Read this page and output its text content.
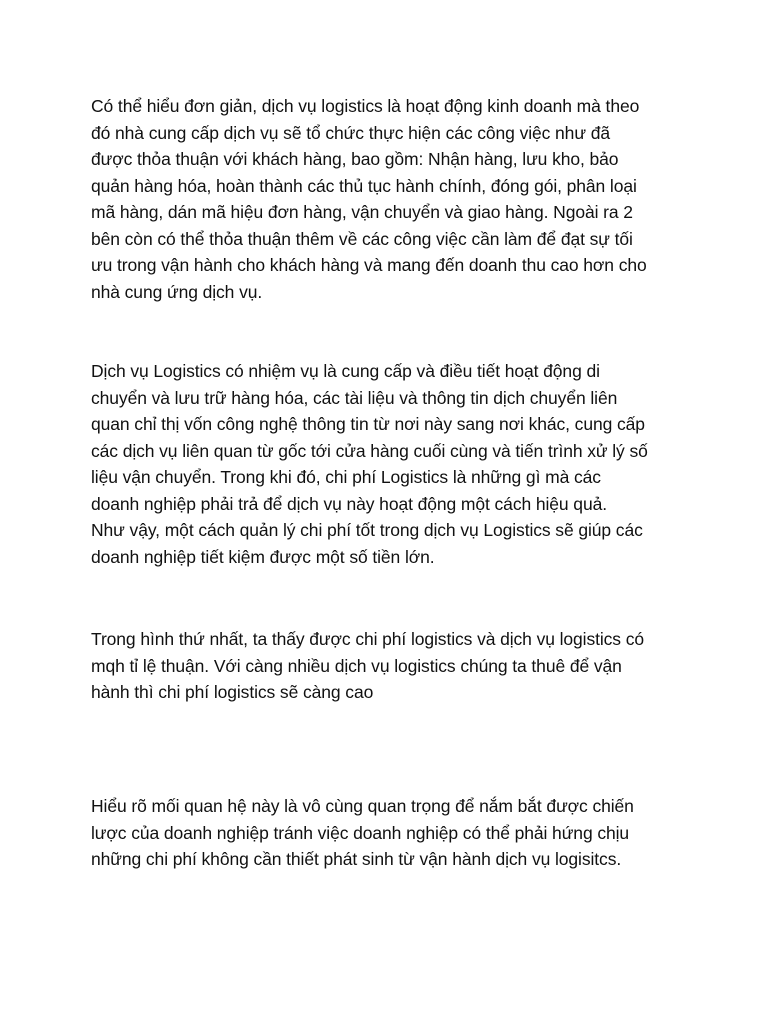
Có thể hiểu đơn giản, dịch vụ logistics là hoạt động kinh doanh mà theo
đó nhà cung cấp dịch vụ sẽ tổ chức thực hiện các công việc như đã
được thỏa thuận với khách hàng, bao gồm: Nhận hàng, lưu kho, bảo
quản hàng hóa, hoàn thành các thủ tục hành chính, đóng gói, phân loại
mã hàng, dán mã hiệu đơn hàng, vận chuyển và giao hàng. Ngoài ra 2
bên còn có thể thỏa thuận thêm về các công việc cần làm để đạt sự tối
ưu trong vận hành cho khách hàng và mang đến doanh thu cao hơn cho
nhà cung ứng dịch vụ.

Dịch vụ Logistics có nhiệm vụ là cung cấp và điều tiết hoạt động di
chuyển và lưu trữ hàng hóa, các tài liệu và thông tin dịch chuyển liên
quan chỉ thị vốn công nghệ thông tin từ nơi này sang nơi khác, cung cấp
các dịch vụ liên quan từ gốc tới cửa hàng cuối cùng và tiến trình xử lý số
liệu vận chuyển. Trong khi đó, chi phí Logistics là những gì mà các
doanh nghiệp phải trả để dịch vụ này hoạt động một cách hiệu quả.
Như vậy, một cách quản lý chi phí tốt trong dịch vụ Logistics sẽ giúp các
doanh nghiệp tiết kiệm được một số tiền lớn.

Trong hình thứ nhất, ta thấy được chi phí logistics và dịch vụ logistics có
mqh tỉ lệ thuận. Với càng nhiều dịch vụ logistics chúng ta thuê để vận
hành thì chi phí logistics sẽ càng cao

Hiểu rõ mối quan hệ này là vô cùng quan trọng để nắm bắt được chiến
lược của doanh nghiệp tránh việc doanh nghiệp có thể phải hứng chịu
những chi phí không cần thiết phát sinh từ vận hành dịch vụ logisitcs.
